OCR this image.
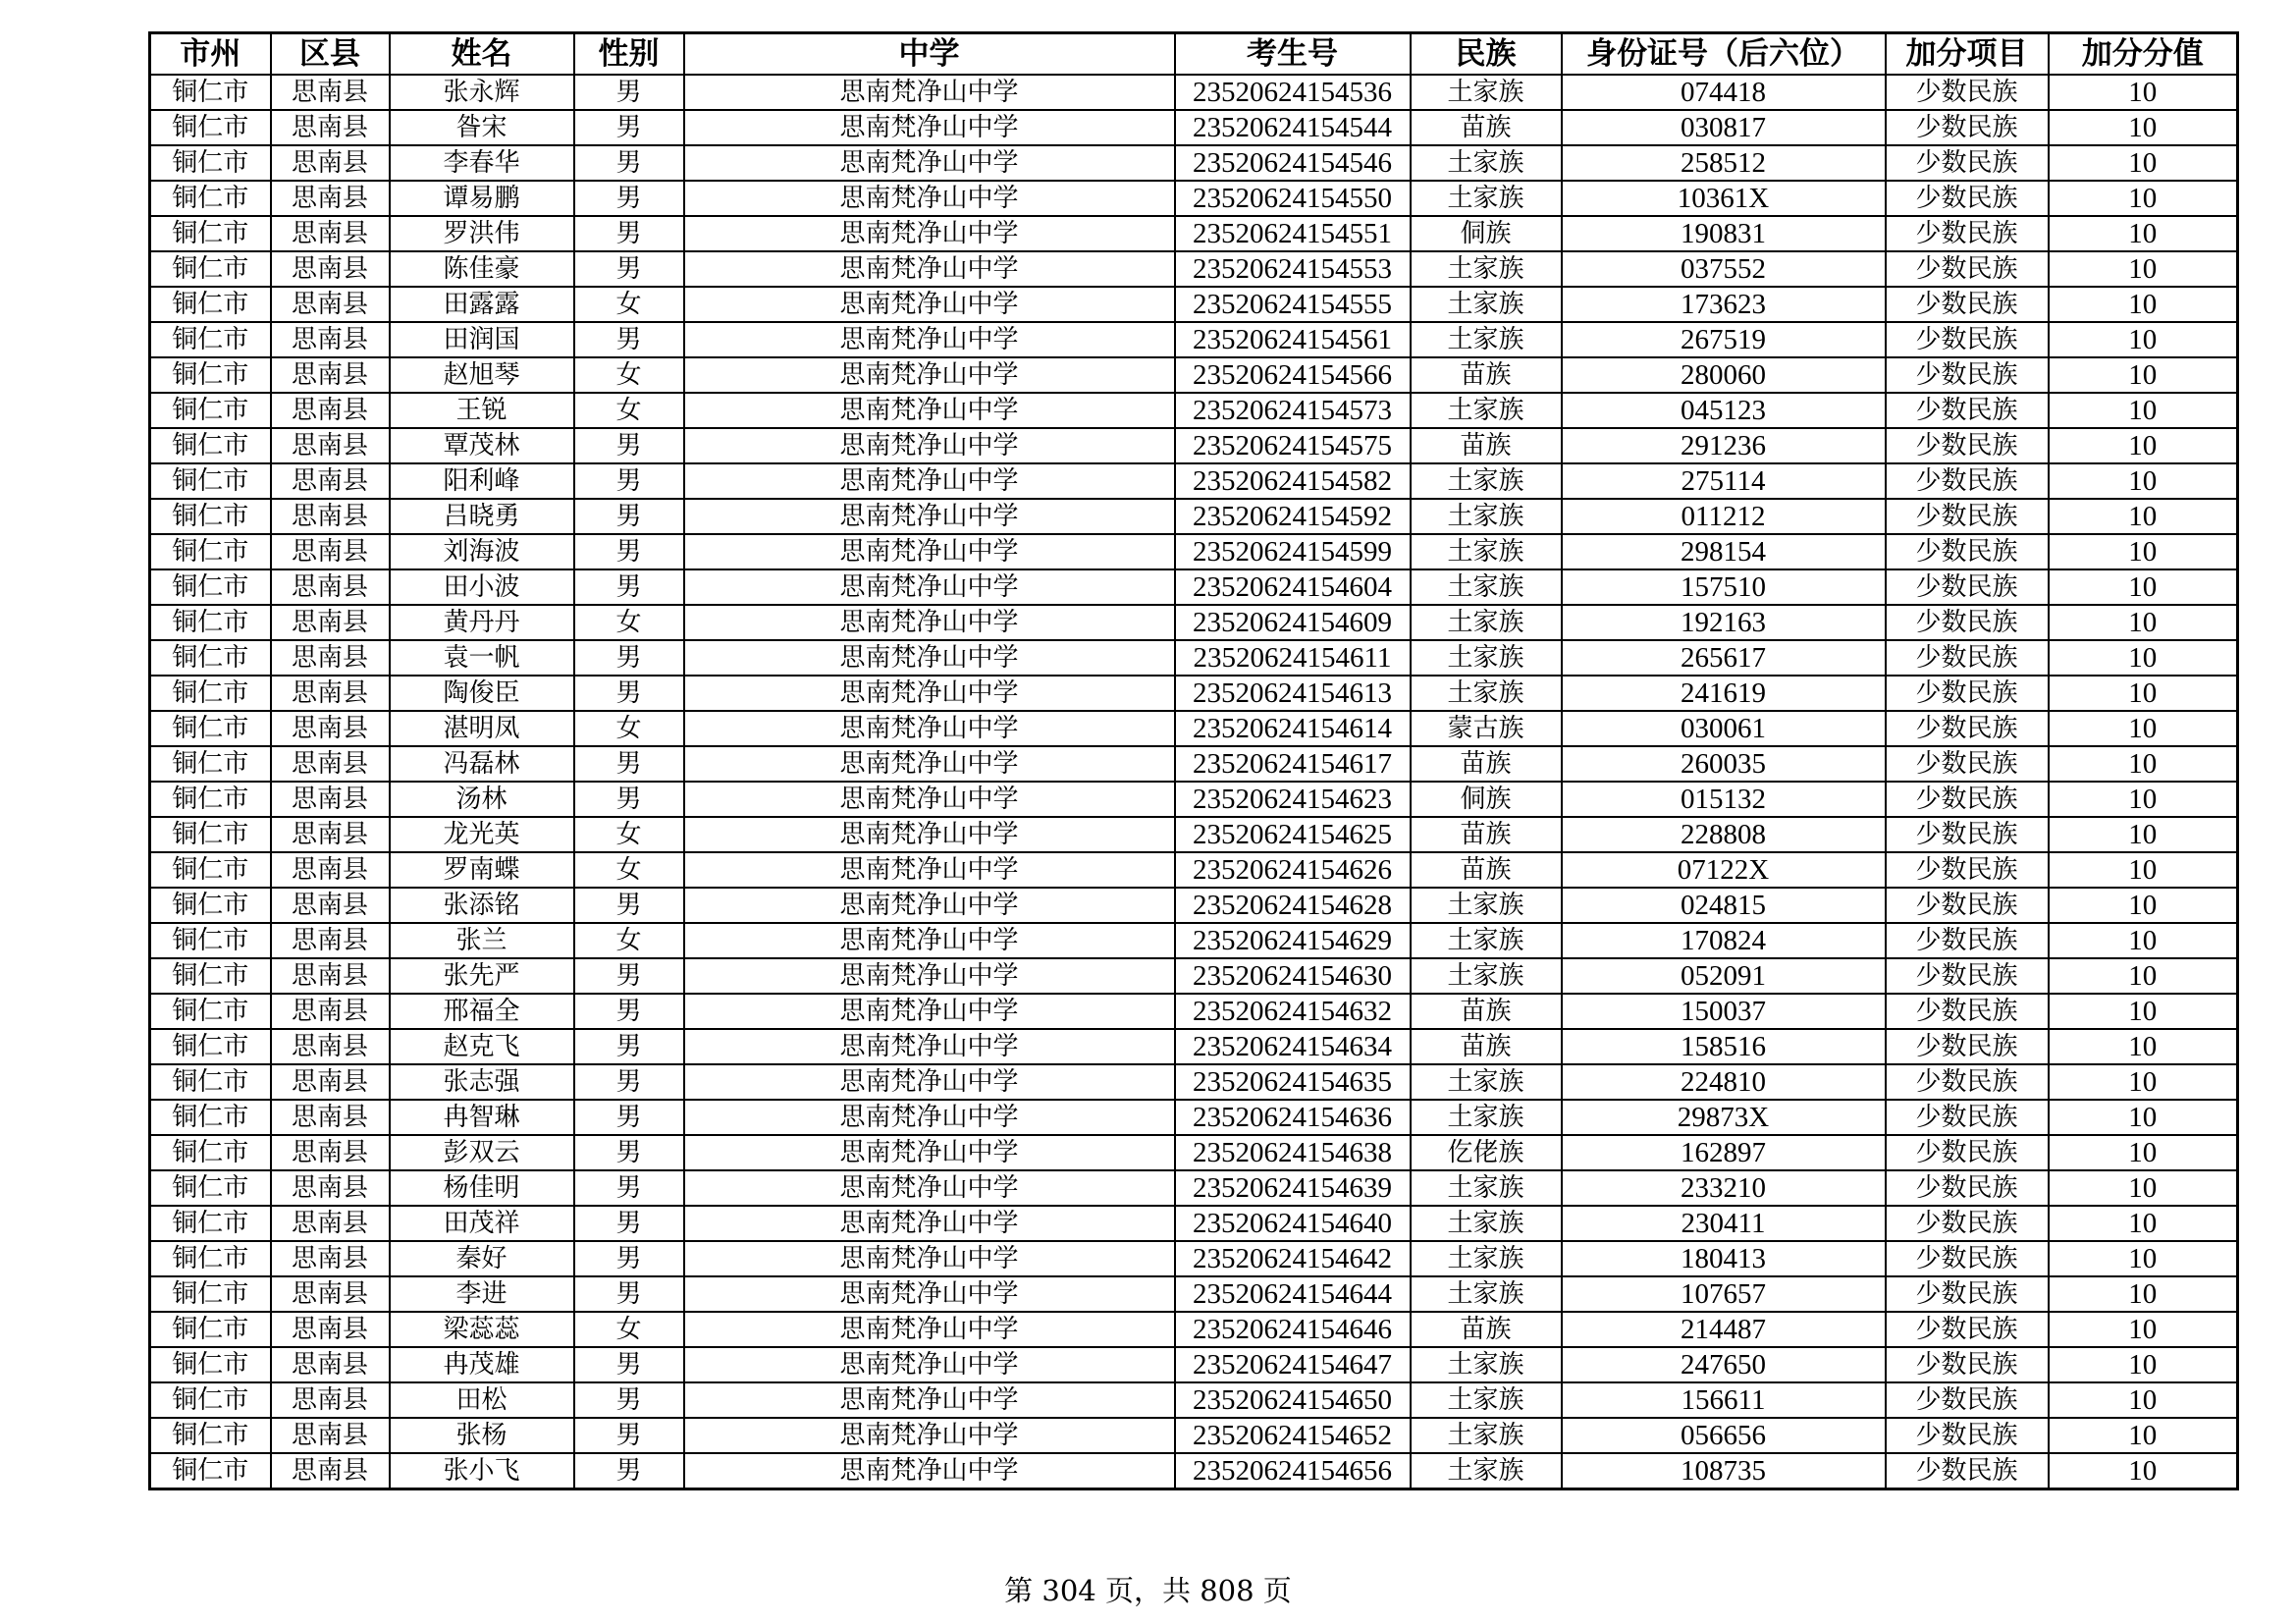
市州	区县	姓名	性别	中学	考生号	民族	身份证号（后六位）	加分项目	加分分值
铜仁市	思南县	张永辉	男	思南梵净山中学	23520624154536	土家族	074418	少数民族	10
铜仁市	思南县	昝宋	男	思南梵净山中学	23520624154544	苗族	030817	少数民族	10
铜仁市	思南县	李春华	男	思南梵净山中学	23520624154546	土家族	258512	少数民族	10
铜仁市	思南县	谭易鹏	男	思南梵净山中学	23520624154550	土家族	10361X	少数民族	10
铜仁市	思南县	罗洪伟	男	思南梵净山中学	23520624154551	侗族	190831	少数民族	10
铜仁市	思南县	陈佳豪	男	思南梵净山中学	23520624154553	土家族	037552	少数民族	10
铜仁市	思南县	田露露	女	思南梵净山中学	23520624154555	土家族	173623	少数民族	10
铜仁市	思南县	田润国	男	思南梵净山中学	23520624154561	土家族	267519	少数民族	10
铜仁市	思南县	赵旭琴	女	思南梵净山中学	23520624154566	苗族	280060	少数民族	10
铜仁市	思南县	王锐	女	思南梵净山中学	23520624154573	土家族	045123	少数民族	10
铜仁市	思南县	覃茂林	男	思南梵净山中学	23520624154575	苗族	291236	少数民族	10
铜仁市	思南县	阳利峰	男	思南梵净山中学	23520624154582	土家族	275114	少数民族	10
铜仁市	思南县	吕晓勇	男	思南梵净山中学	23520624154592	土家族	011212	少数民族	10
铜仁市	思南县	刘海波	男	思南梵净山中学	23520624154599	土家族	298154	少数民族	10
铜仁市	思南县	田小波	男	思南梵净山中学	23520624154604	土家族	157510	少数民族	10
铜仁市	思南县	黄丹丹	女	思南梵净山中学	23520624154609	土家族	192163	少数民族	10
铜仁市	思南县	袁一帆	男	思南梵净山中学	23520624154611	土家族	265617	少数民族	10
铜仁市	思南县	陶俊臣	男	思南梵净山中学	23520624154613	土家族	241619	少数民族	10
铜仁市	思南县	湛明凤	女	思南梵净山中学	23520624154614	蒙古族	030061	少数民族	10
铜仁市	思南县	冯磊林	男	思南梵净山中学	23520624154617	苗族	260035	少数民族	10
铜仁市	思南县	汤林	男	思南梵净山中学	23520624154623	侗族	015132	少数民族	10
铜仁市	思南县	龙光英	女	思南梵净山中学	23520624154625	苗族	228808	少数民族	10
铜仁市	思南县	罗南蝶	女	思南梵净山中学	23520624154626	苗族	07122X	少数民族	10
铜仁市	思南县	张添铭	男	思南梵净山中学	23520624154628	土家族	024815	少数民族	10
铜仁市	思南县	张兰	女	思南梵净山中学	23520624154629	土家族	170824	少数民族	10
铜仁市	思南县	张先严	男	思南梵净山中学	23520624154630	土家族	052091	少数民族	10
铜仁市	思南县	邢福全	男	思南梵净山中学	23520624154632	苗族	150037	少数民族	10
铜仁市	思南县	赵克飞	男	思南梵净山中学	23520624154634	苗族	158516	少数民族	10
铜仁市	思南县	张志强	男	思南梵净山中学	23520624154635	土家族	224810	少数民族	10
铜仁市	思南县	冉智琳	男	思南梵净山中学	23520624154636	土家族	29873X	少数民族	10
铜仁市	思南县	彭双云	男	思南梵净山中学	23520624154638	仡佬族	162897	少数民族	10
铜仁市	思南县	杨佳明	男	思南梵净山中学	23520624154639	土家族	233210	少数民族	10
铜仁市	思南县	田茂祥	男	思南梵净山中学	23520624154640	土家族	230411	少数民族	10
铜仁市	思南县	秦好	男	思南梵净山中学	23520624154642	土家族	180413	少数民族	10
铜仁市	思南县	李进	男	思南梵净山中学	23520624154644	土家族	107657	少数民族	10
铜仁市	思南县	梁蕊蕊	女	思南梵净山中学	23520624154646	苗族	214487	少数民族	10
铜仁市	思南县	冉茂雄	男	思南梵净山中学	23520624154647	土家族	247650	少数民族	10
铜仁市	思南县	田松	男	思南梵净山中学	23520624154650	土家族	156611	少数民族	10
铜仁市	思南县	张杨	男	思南梵净山中学	23520624154652	土家族	056656	少数民族	10
铜仁市	思南县	张小飞	男	思南梵净山中学	23520624154656	土家族	108735	少数民族	10
第 304 页，共 808 页
